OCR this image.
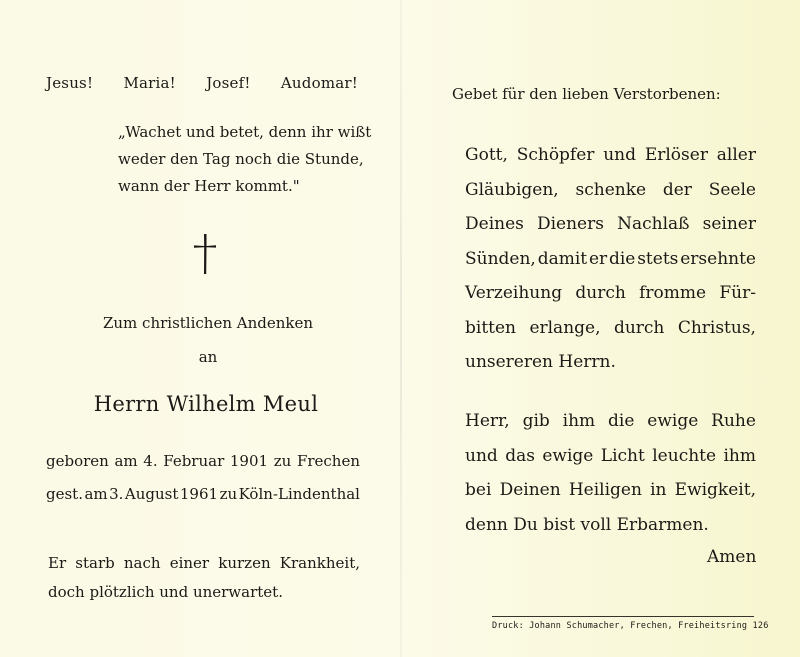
Jesus! Maria! Josef! Audomar!
„Wachet und betet, denn ihr wißt
weder den Tag noch die Stunde,
wann der Herr kommt."
Zum christlichen Andenken
an
Herrn Wilhelm Meul
geboren am 4. Februar 1901 zu Frechen
gest. am 3. August 1961 zu Köln-Lindenthal
Er starb nach einer kurzen Krankheit,
doch plötzlich und unerwartet.
Gebet für den lieben Verstorbenen:
Gott, Schöpfer und Erlöser aller
Gläubigen, schenke der Seele
Deines Dieners Nachlaß seiner
Sünden, damit er die stets ersehnte
Verzeihung durch fromme Für-
bitten erlange, durch Christus,
unsereren Herrn.
Herr, gib ihm die ewige Ruhe
und das ewige Licht leuchte ihm
bei Deinen Heiligen in Ewigkeit,
denn Du bist voll Erbarmen.
Amen
Druck: Johann Schumacher, Frechen, Freiheitsring 126
